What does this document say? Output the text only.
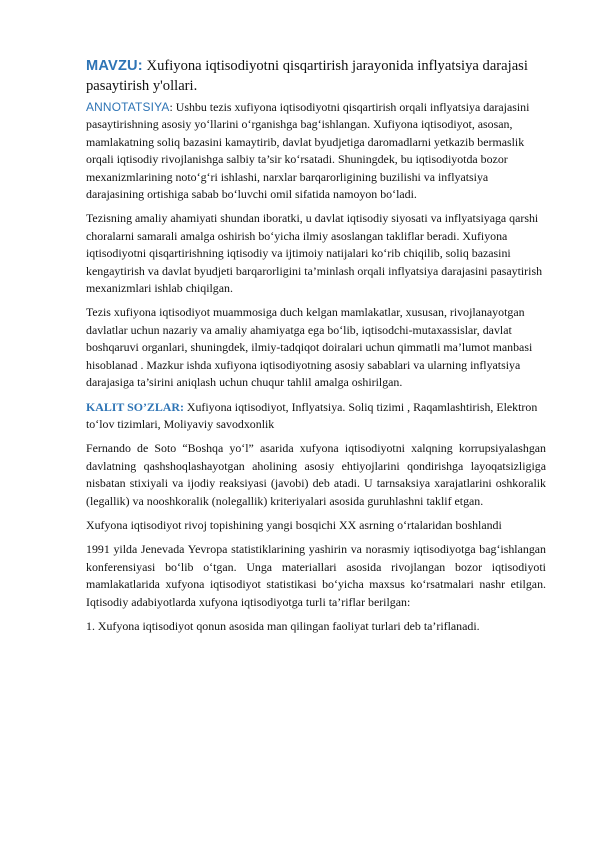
MAVZU: Xufiyona iqtisodiyotni qisqartirish jarayonida inflyatsiya darajasi pasaytirish y'ollari.
ANNOTATSIYA: Ushbu tezis xufiyona iqtisodiyotni qisqartirish orqali inflyatsiya darajasini pasaytirishning asosiy yo‘llarini o‘rganishga bag‘ishlangan. Xufiyona iqtisodiyot, asosan, mamlakatning soliq bazasini kamaytirib, davlat byudjetiga daromadlarni yetkazib bermaslik orqali iqtisodiy rivojlanishga salbiy ta’sir ko‘rsatadi. Shuningdek, bu iqtisodiyotda bozor mexanizmlarining noto‘g‘ri ishlashi, narxlar barqarorligining buzilishi va inflyatsiya darajasining ortishiga sabab bo‘luvchi omil sifatida namoyon bo‘ladi.
Tezisning amaliy ahamiyati shundan iboratki, u davlat iqtisodiy siyosati va inflyatsiyaga qarshi choralarni samarali amalga oshirish bo‘yicha ilmiy asoslangan takliflar beradi. Xufiyona iqtisodiyotni qisqartirishning iqtisodiy va ijtimoiy natijalari ko‘rib chiqilib, soliq bazasini kengaytirish va davlat byudjeti barqarorligini ta’minlash orqali inflyatsiya darajasini pasaytirish mexanizmlari ishlab chiqilgan.
Tezis xufiyona iqtisodiyot muammosiga duch kelgan mamlakatlar, xususan, rivojlanayotgan davlatlar uchun nazariy va amaliy ahamiyatga ega bo‘lib, iqtisodchi-mutaxassislar, davlat boshqaruvi organlari, shuningdek, ilmiy-tadqiqot doiralari uchun qimmatli ma’lumot manbasi hisoblanad . Mazkur ishda xufiyona iqtisodiyotning asosiy sabablari va ularning inflyatsiya darajasiga ta’sirini aniqlash uchun chuqur tahlil amalga oshirilgan.
KALIT SO’ZLAR: Xufiyona iqtisodiyot, Inflyatsiya. Soliq tizimi , Raqamlashtirish, Elektron to‘lov tizimlari, Moliyaviy savodxonlik
Fernando de Soto “Boshqa yo‘l” asarida xufyona iqtisodiyotni xalqning korrupsiyalashgan davlatning qashshoqlashayotgan aholining asosiy ehtiyojlarini qondirishga layoqatsizligiga nisbatan stixiyali va ijodiy reaksiyasi (javobi) deb atadi. U tarnsaksiya xarajatlarini oshkoralik (legallik) va nooshkoralik (nolegallik) kriteriyalari asosida guruhlashni taklif etgan.
Xufyona iqtisodiyot rivoj topishining yangi bosqichi XX asrning o‘rtalaridan boshlandi
1991 yilda Jenevada Yevropa statistiklarining yashirin va norasmiy iqtisodiyotga bag‘ishlangan konferensiyasi bo‘lib o‘tgan. Unga materiallari asosida rivojlangan bozor iqtisodiyoti mamlakatlarida xufyona iqtisodiyot statistikasi bo‘yicha maxsus ko‘rsatmalari nashr etilgan. Iqtisodiy adabiyotlarda xufyona iqtisodiyotga turli ta’riflar berilgan:
1. Xufyona iqtisodiyot qonun asosida man qilingan faoliyat turlari deb ta’riflanadi.
